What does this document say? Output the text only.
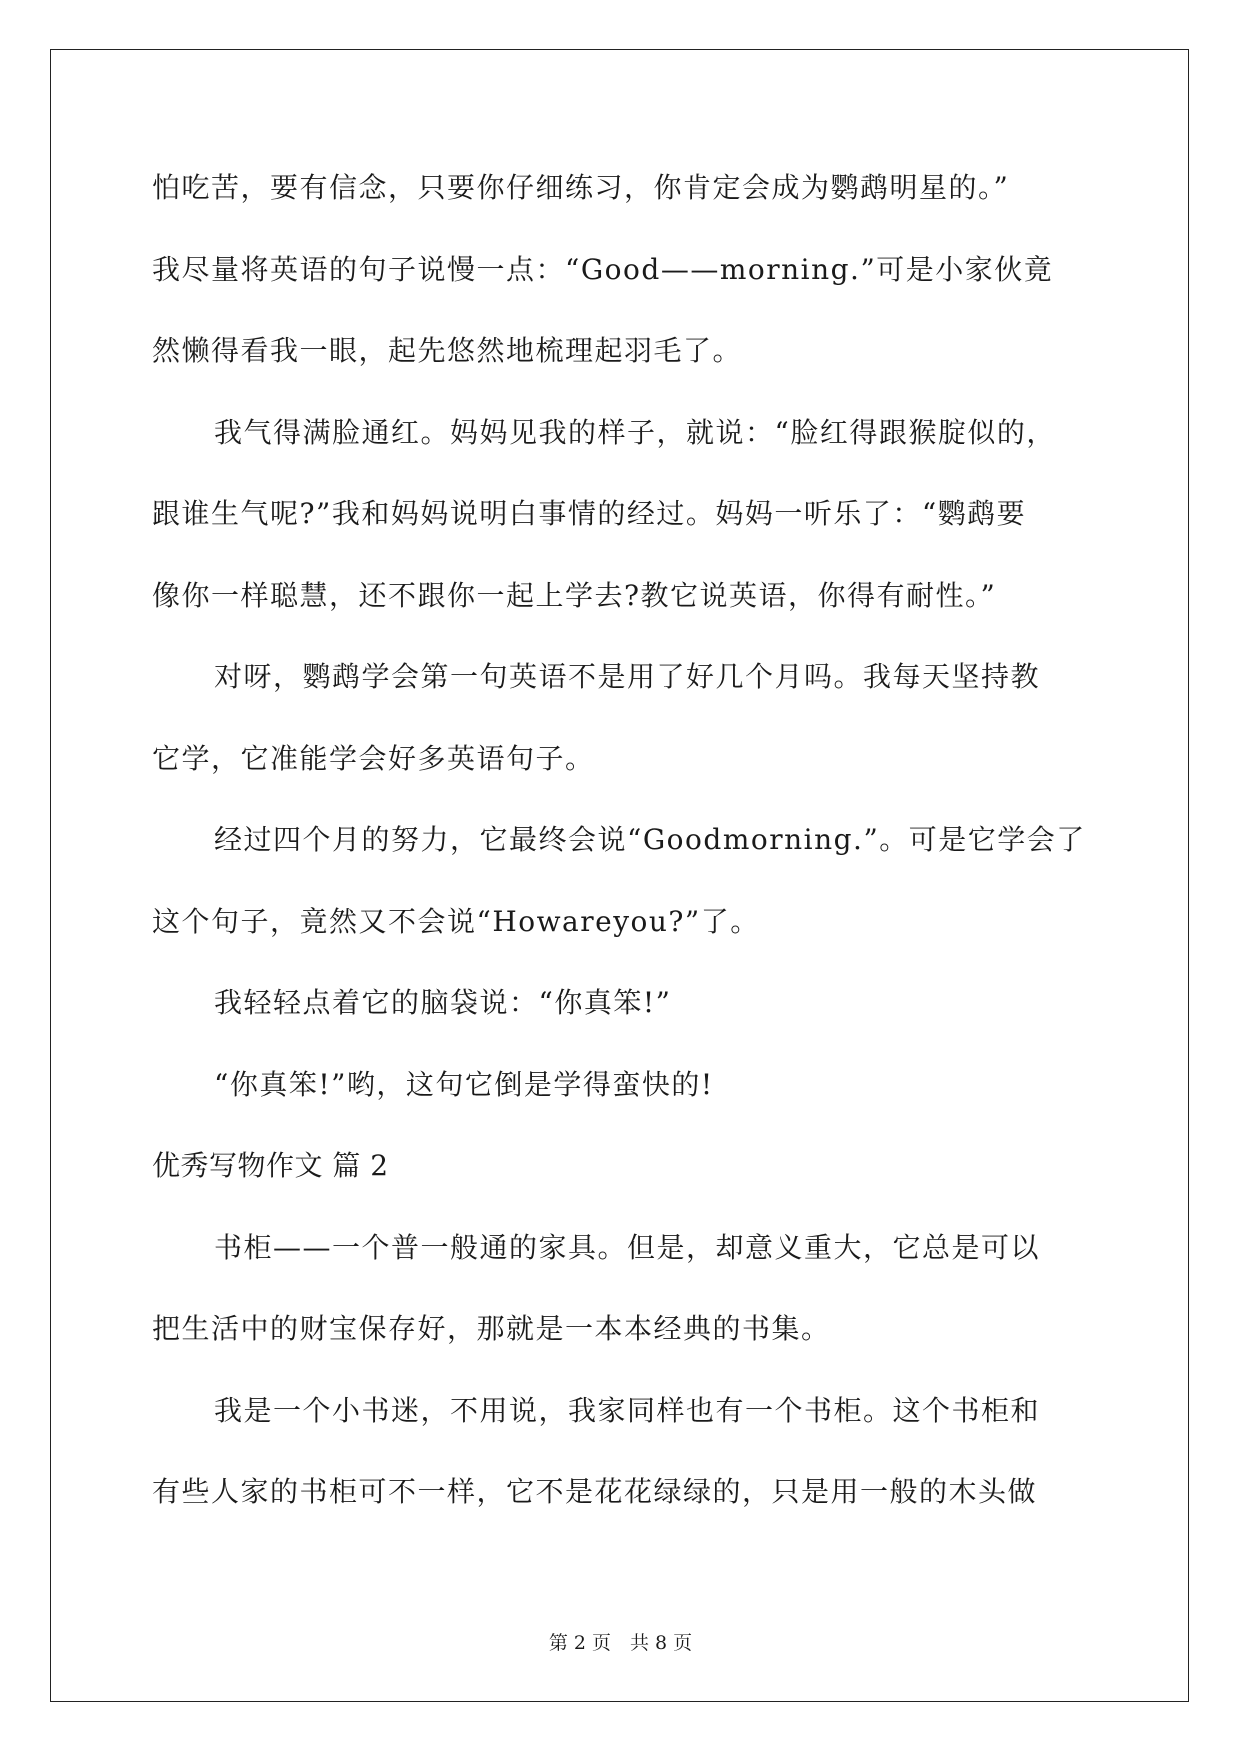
怕吃苦，要有信念，只要你仔细练习，你肯定会成为鹦鹉明星的。”
我尽量将英语的句子说慢一点：“Good——morning.”可是小家伙竟
然懒得看我一眼，起先悠然地梳理起羽毛了。
我气得满脸通红。妈妈见我的样子，就说：“脸红得跟猴腚似的，
跟谁生气呢?”我和妈妈说明白事情的经过。妈妈一听乐了：“鹦鹉要
像你一样聪慧，还不跟你一起上学去?教它说英语，你得有耐性。”
对呀，鹦鹉学会第一句英语不是用了好几个月吗。我每天坚持教
它学，它准能学会好多英语句子。
经过四个月的努力，它最终会说“Goodmorning.”。可是它学会了
这个句子，竟然又不会说“Howareyou?”了。
我轻轻点着它的脑袋说：“你真笨!”
“你真笨!”哟，这句它倒是学得蛮快的!
优秀写物作文 篇 2
书柜——一个普一般通的家具。但是，却意义重大，它总是可以
把生活中的财宝保存好，那就是一本本经典的书集。
我是一个小书迷，不用说，我家同样也有一个书柜。这个书柜和
有些人家的书柜可不一样，它不是花花绿绿的，只是用一般的木头做
第 2 页　共 8 页
